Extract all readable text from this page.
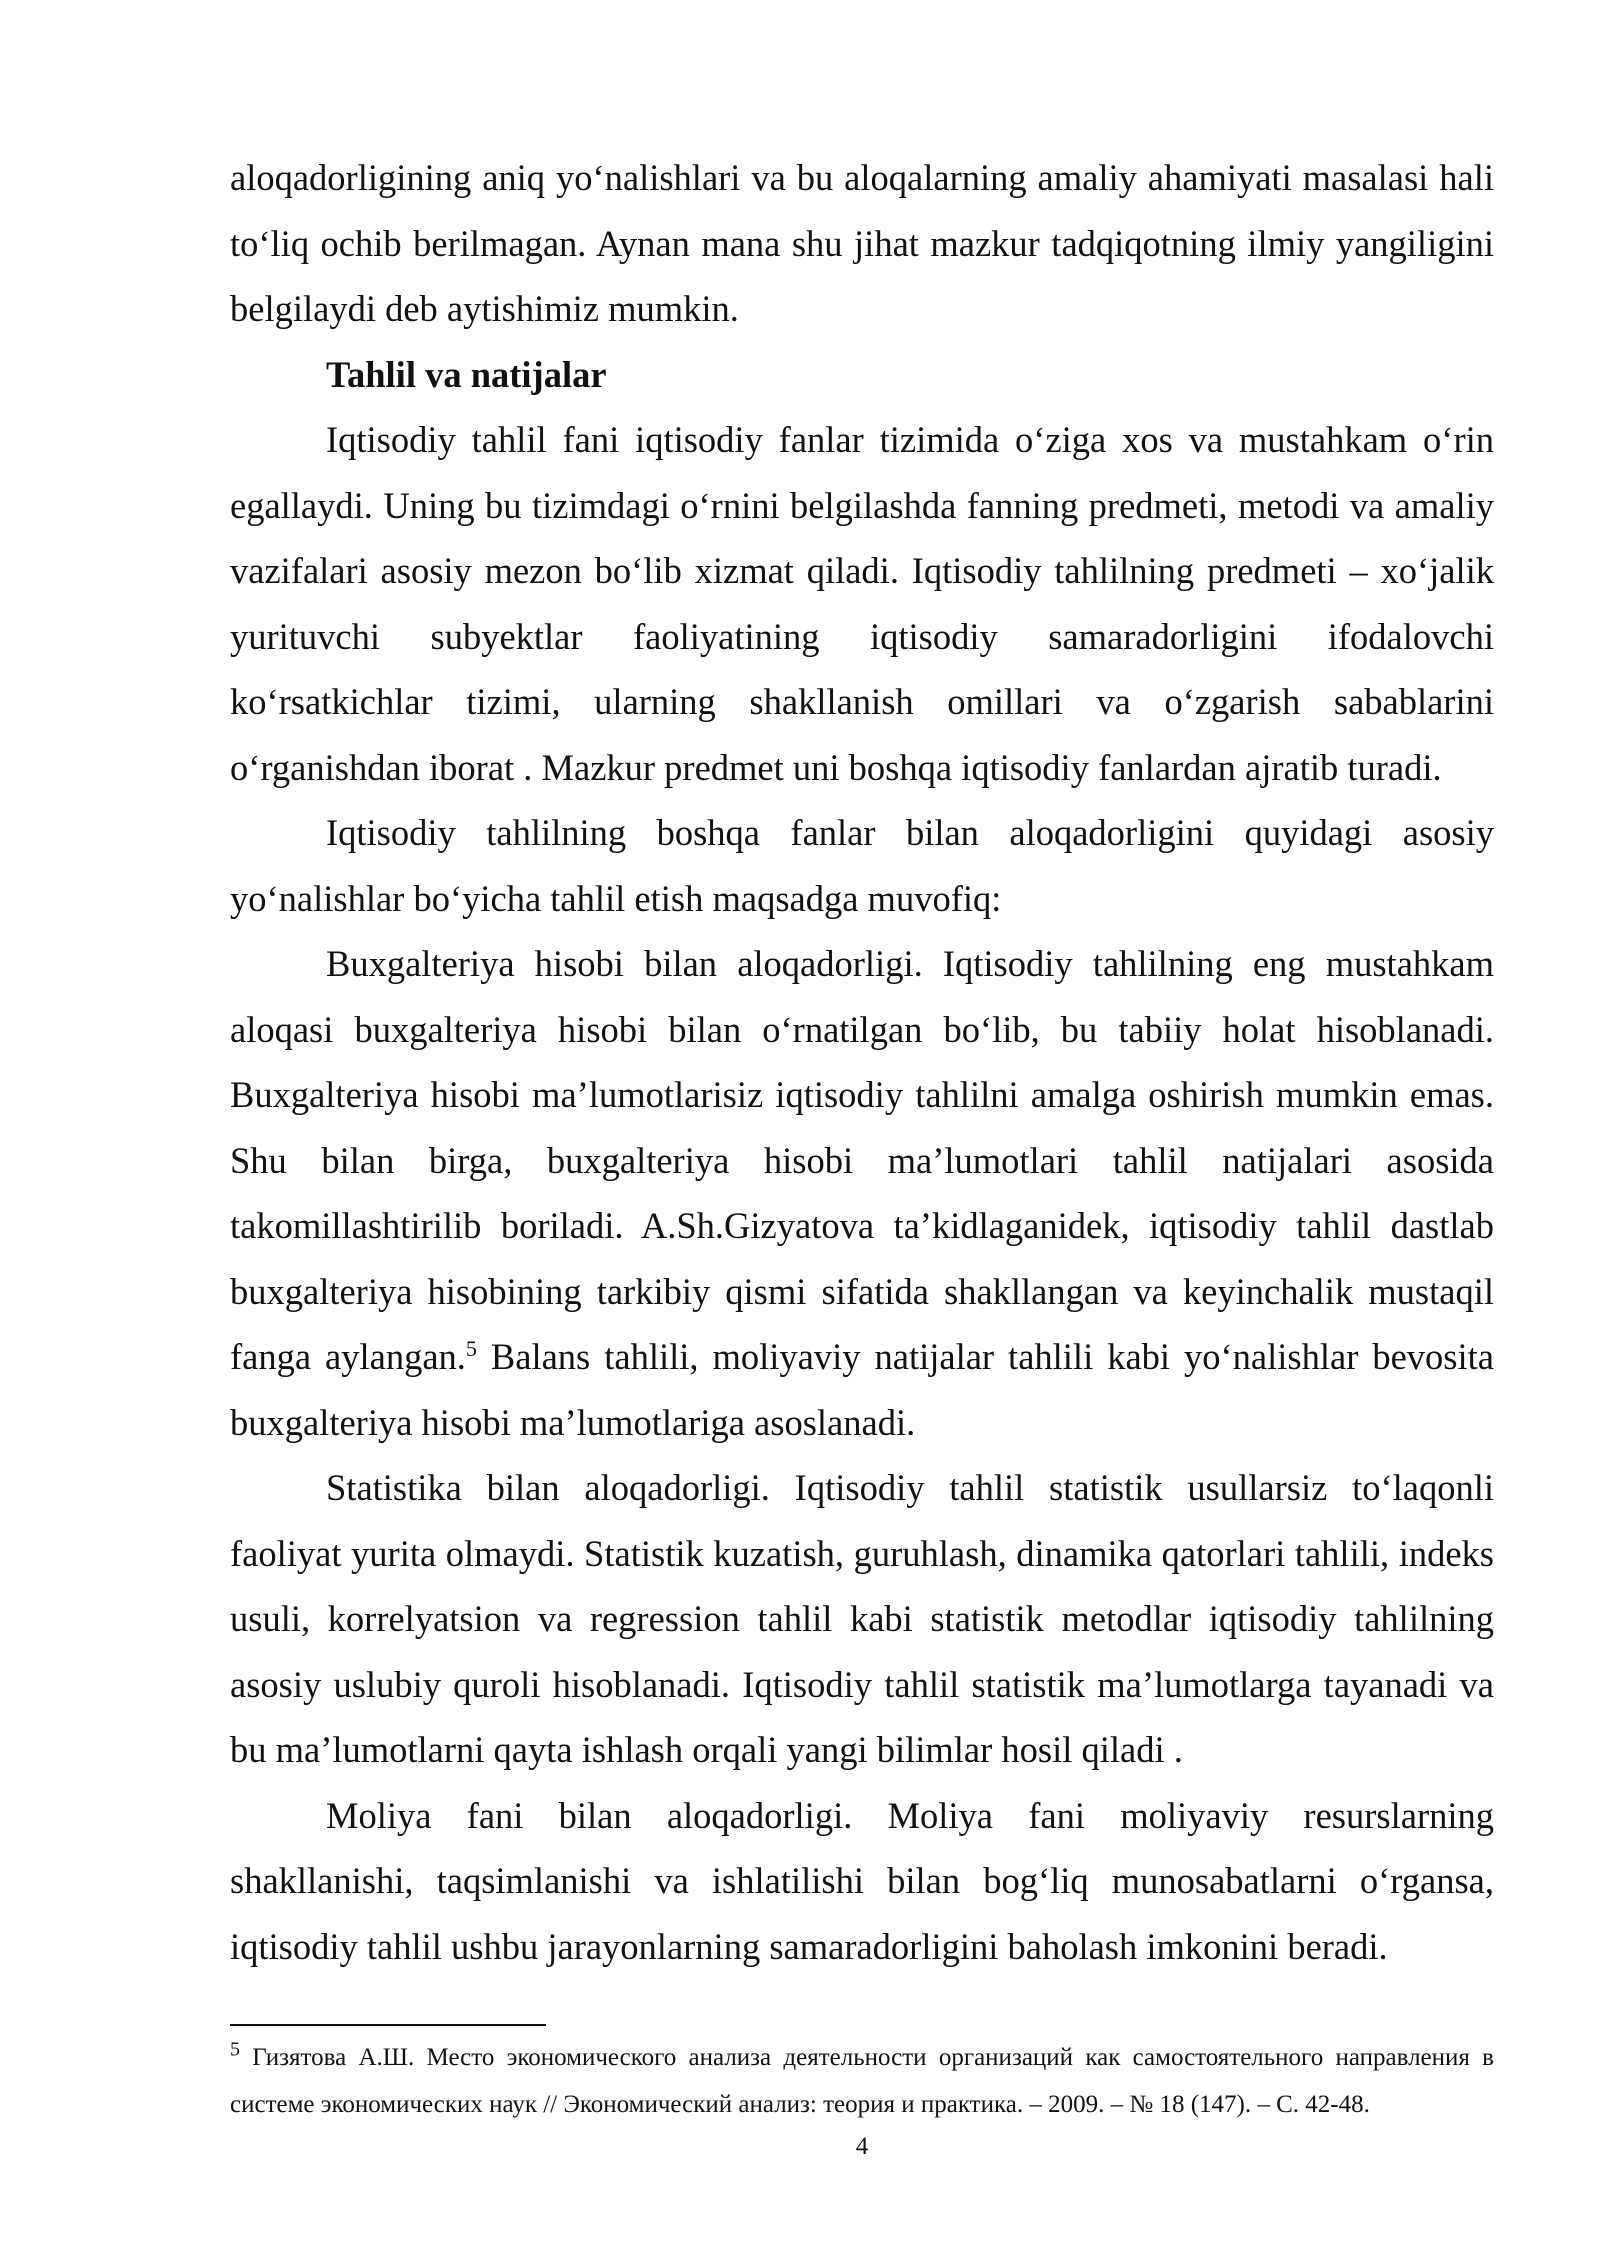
aloqadorligining aniq yo‘nalishlari va bu aloqalarning amaliy ahamiyati masalasi hali to‘liq ochib berilmagan. Aynan mana shu jihat mazkur tadqiqotning ilmiy yangiligini belgilaydi deb aytishimiz mumkin.

Tahlil va natijalar

Iqtisodiy tahlil fani iqtisodiy fanlar tizimida o‘ziga xos va mustahkam o‘rin egallaydi. Uning bu tizimdagi o‘rnini belgilashda fanning predmeti, metodi va amaliy vazifalari asosiy mezon bo‘lib xizmat qiladi. Iqtisodiy tahlilning predmeti – xo‘jalik yurituvchi subyektlar faoliyatining iqtisodiy samaradorligini ifodalovchi ko‘rsatkichlar tizimi, ularning shakllanish omillari va o‘zgarish sabablarini o‘rganishdan iborat . Mazkur predmet uni boshqa iqtisodiy fanlardan ajratib turadi.

Iqtisodiy tahlilning boshqa fanlar bilan aloqadorligini quyidagi asosiy yo‘nalishlar bo‘yicha tahlil etish maqsadga muvofiq:

Buxgalteriya hisobi bilan aloqadorligi. Iqtisodiy tahlilning eng mustahkam aloqasi buxgalteriya hisobi bilan o‘rnatilgan bo‘lib, bu tabiiy holat hisoblanadi. Buxgalteriya hisobi ma’lumotlarisiz iqtisodiy tahlilni amalga oshirish mumkin emas. Shu bilan birga, buxgalteriya hisobi ma’lumotlari tahlil natijalari asosida takomillashtirilib boriladi. A.Sh.Gizyatova ta’kidlaganidek, iqtisodiy tahlil dastlab buxgalteriya hisobining tarkibiy qismi sifatida shakllangan va keyinchalik mustaqil fanga aylangan.$^5$ Balans tahlili, moliyaviy natijalar tahlili kabi yo‘nalishlar bevosita buxgalteriya hisobi ma’lumotlariga asoslanadi.

Statistika bilan aloqadorligi. Iqtisodiy tahlil statistik usullarsiz to‘laqonli faoliyat yurita olmaydi. Statistik kuzatish, guruhlash, dinamika qatorlari tahlili, indeks usuli, korrelyatsion va regression tahlil kabi statistik metodlar iqtisodiy tahlilning asosiy uslubiy quroli hisoblanadi. Iqtisodiy tahlil statistik ma’lumotlarga tayanadi va bu ma’lumotlarni qayta ishlash orqali yangi bilimlar hosil qiladi .

Moliya fani bilan aloqadorligi. Moliya fani moliyaviy resurslarning shakllanishi, taqsimlanishi va ishlatilishi bilan bog‘liq munosabatlarni o‘rgansa, iqtisodiy tahlil ushbu jarayonlarning samaradorligini baholash imkonini beradi.

$^5$ Гизятова А.Ш. Место экономического анализа деятельности организаций как самостоятельного направления в системе экономических наук // Экономический анализ: теория и практика. – 2009. – № 18 (147). – С. 42-48.

4
